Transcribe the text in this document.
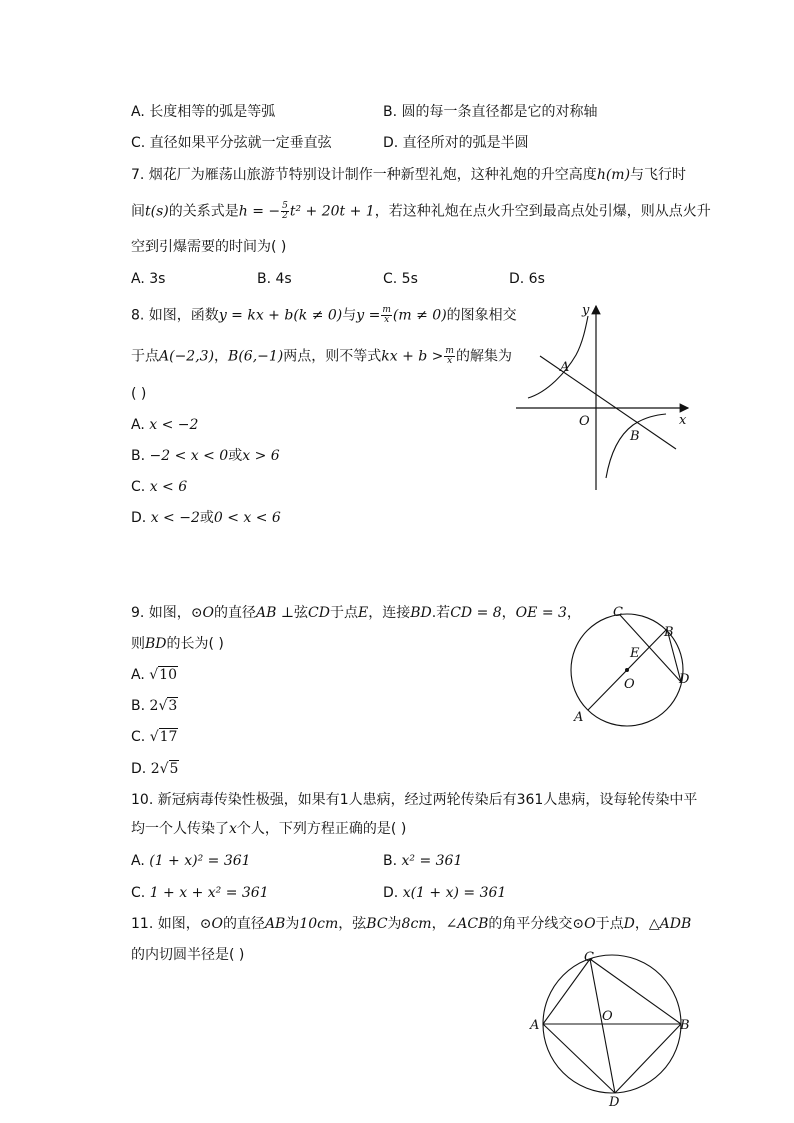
A. 长度相等的弧是等弧	B. 圆的每一条直径都是它的对称轴
C. 直径如果平分弦就一定垂直弦	D. 直径所对的弧是半圆
7. 烟花厂为雁荡山旅游节特别设计制作一种新型礼炮，这种礼炮的升空高度h(m)与飞行时
间t(s)的关系式是h = − $\frac{5}{2} t^2 + 20t + 1$，若这种礼炮在点火升空到最高点处引爆，则从点火升
空到引爆需要的时间为( )
A. 3s	B. 4s	C. 5s	D. 6s
8. 如图，函数y = kx + b(k ≠ 0)与$y = \frac{m}{x} (m \ne 0)$的图象相交
于点A(−2,3)，B(6,−1)两点，则不等式kx + $b > \frac{m}{x}$ 的解集为
( )
A. x < −2
B. −2 < x < 0或x > 6
C. x < 6
D. x < −2或0 < x < 6
y
x
O
A
B
9. 如图，⊙O的直径AB ⊥弦CD于点E，连接BD.若CD = 8，OE = 3，
则BD的长为( )
A. √10
B. 2√3
C. √17
D. 2√5
C
B
E
O	D
A
10. 新冠病毒传染性极强，如果有1人患病，经过两轮传染后有361人患病，设每轮传染中平
均一个人传染了x个人，下列方程正确的是( )
A. (1 + x)² = 361	B. x² = 361
C. 1 + x + x² = 361	D. x(1 + x) = 361
11. 如图，⊙O的直径AB为10cm，弦BC为8cm，∠ACB的角平分线交⊙O于点D，△ADB
的内切圆半径是( )	C
A
O
B
D
